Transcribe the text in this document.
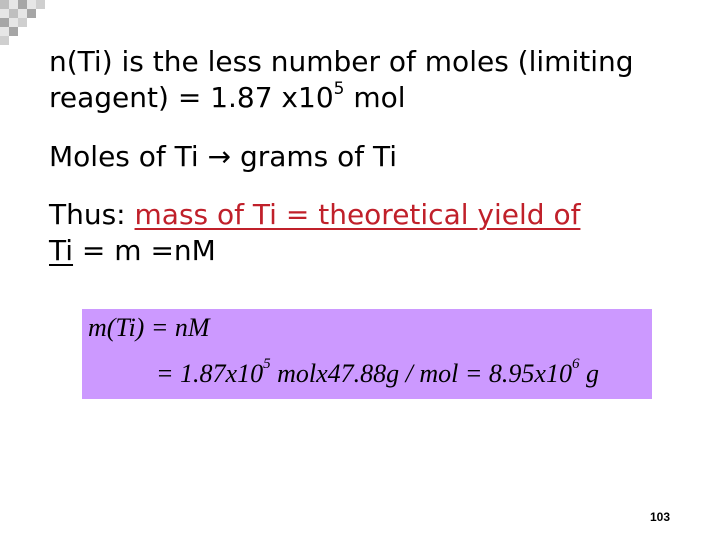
n(Ti) is the less number of moles (limiting
reagent) = 1.87 $x10^5$ mol
Moles of Ti → grams of Ti
Thus: mass of Ti = theoretical yield of
Ti = m =nM
m(Ti) = nM
= $1.87x10^5$ molx47.88g / mol = $8.95x10^6$ g
103
